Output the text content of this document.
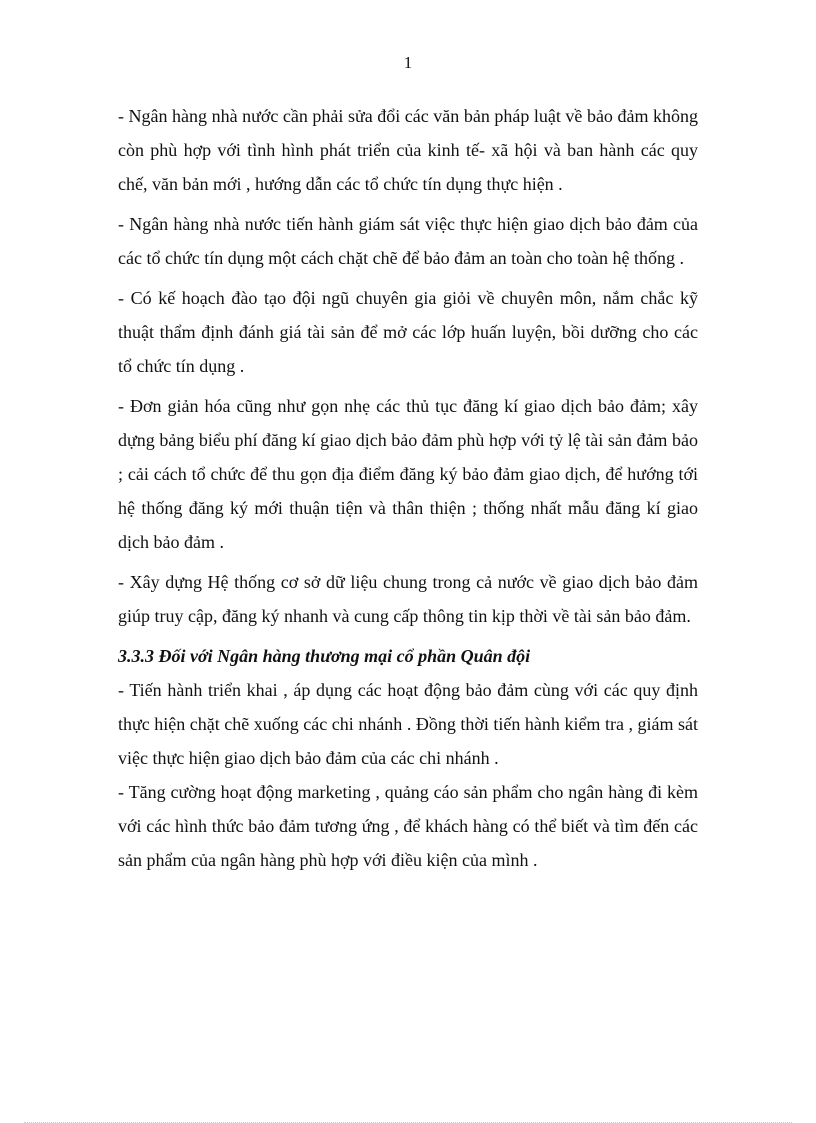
1

- Ngân hàng nhà nước cần phải sửa đổi các văn bản pháp luật về bảo đảm không còn phù hợp với tình hình phát triển của kinh tế- xã hội và ban hành các quy chế, văn bản mới , hướng dẫn các tổ chức tín dụng thực hiện .

- Ngân hàng nhà nước tiến hành giám sát việc thực hiện giao dịch bảo đảm của các tổ chức tín dụng một cách chặt chẽ để bảo đảm an toàn cho toàn hệ thống .

- Có kế hoạch đào tạo đội ngũ chuyên gia giỏi về chuyên môn, nắm chắc kỹ thuật thẩm định đánh giá tài sản để mở các lớp huấn luyện, bồi dưỡng cho các tổ chức tín dụng .

- Đơn giản hóa cũng như gọn nhẹ các thủ tục đăng kí giao dịch bảo đảm; xây dựng bảng biểu phí đăng kí giao dịch bảo đảm phù hợp với tỷ lệ tài sản đảm bảo ; cải cách tổ chức để thu gọn địa điểm đăng ký bảo đảm giao dịch, để hướng tới hệ thống đăng ký mới thuận tiện và thân thiện ; thống nhất mẫu đăng kí giao dịch bảo đảm .

- Xây dựng Hệ thống cơ sở dữ liệu chung trong cả nước về giao dịch bảo đảm giúp truy cập, đăng ký nhanh và cung cấp thông tin kịp thời về tài sản bảo đảm.

3.3.3 Đối với Ngân hàng thương mại cổ phần Quân đội

- Tiến hành triển khai , áp dụng các hoạt động bảo đảm cùng với các quy định thực hiện chặt chẽ xuống các chi nhánh . Đồng thời tiến hành kiểm tra , giám sát việc thực hiện giao dịch bảo đảm của các chi nhánh .

- Tăng cường hoạt động marketing , quảng cáo sản phẩm cho ngân hàng đi kèm với các hình thức bảo đảm tương ứng , để khách hàng có thể biết và tìm đến các sản phẩm của ngân hàng phù hợp với điều kiện của mình .
